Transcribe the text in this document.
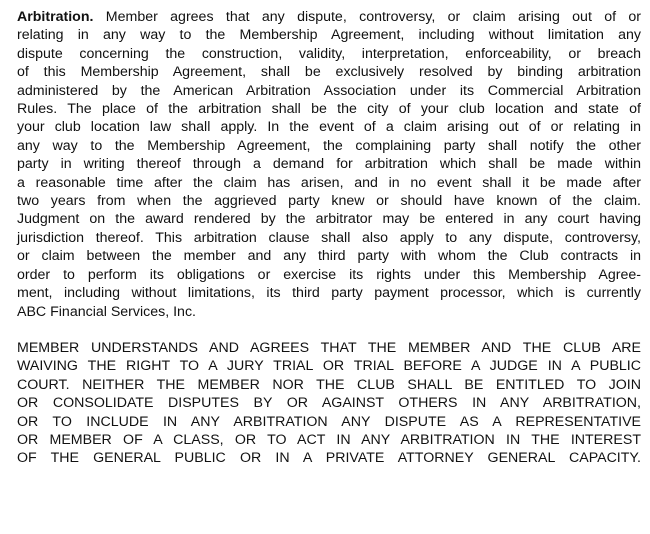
Arbitration. Member agrees that any dispute, controversy, or claim arising out of or
relating in any way to the Membership Agreement, including without limitation any
dispute concerning the construction, validity, interpretation, enforceability, or breach
of this Membership Agreement, shall be exclusively resolved by binding arbitration
administered by the American Arbitration Association under its Commercial Arbitration
Rules. The place of the arbitration shall be the city of your club location and state of
your club location law shall apply. In the event of a claim arising out of or relating in
any way to the Membership Agreement, the complaining party shall notify the other
party in writing thereof through a demand for arbitration which shall be made within
a reasonable time after the claim has arisen, and in no event shall it be made after
two years from when the aggrieved party knew or should have known of the claim.
Judgment on the award rendered by the arbitrator may be entered in any court having
jurisdiction thereof. This arbitration clause shall also apply to any dispute, controversy,
or claim between the member and any third party with whom the Club contracts in
order to perform its obligations or exercise its rights under this Membership Agree-
ment, including without limitations, its third party payment processor, which is currently
ABC Financial Services, Inc.
MEMBER UNDERSTANDS AND AGREES THAT THE MEMBER AND THE CLUB ARE
WAIVING THE RIGHT TO A JURY TRIAL OR TRIAL BEFORE A JUDGE IN A PUBLIC
COURT. NEITHER THE MEMBER NOR THE CLUB SHALL BE ENTITLED TO JOIN
OR CONSOLIDATE DISPUTES BY OR AGAINST OTHERS IN ANY ARBITRATION,
OR TO INCLUDE IN ANY ARBITRATION ANY DISPUTE AS A REPRESENTATIVE
OR MEMBER OF A CLASS, OR TO ACT IN ANY ARBITRATION IN THE INTEREST
OF THE GENERAL PUBLIC OR IN A PRIVATE ATTORNEY GENERAL CAPACITY.
